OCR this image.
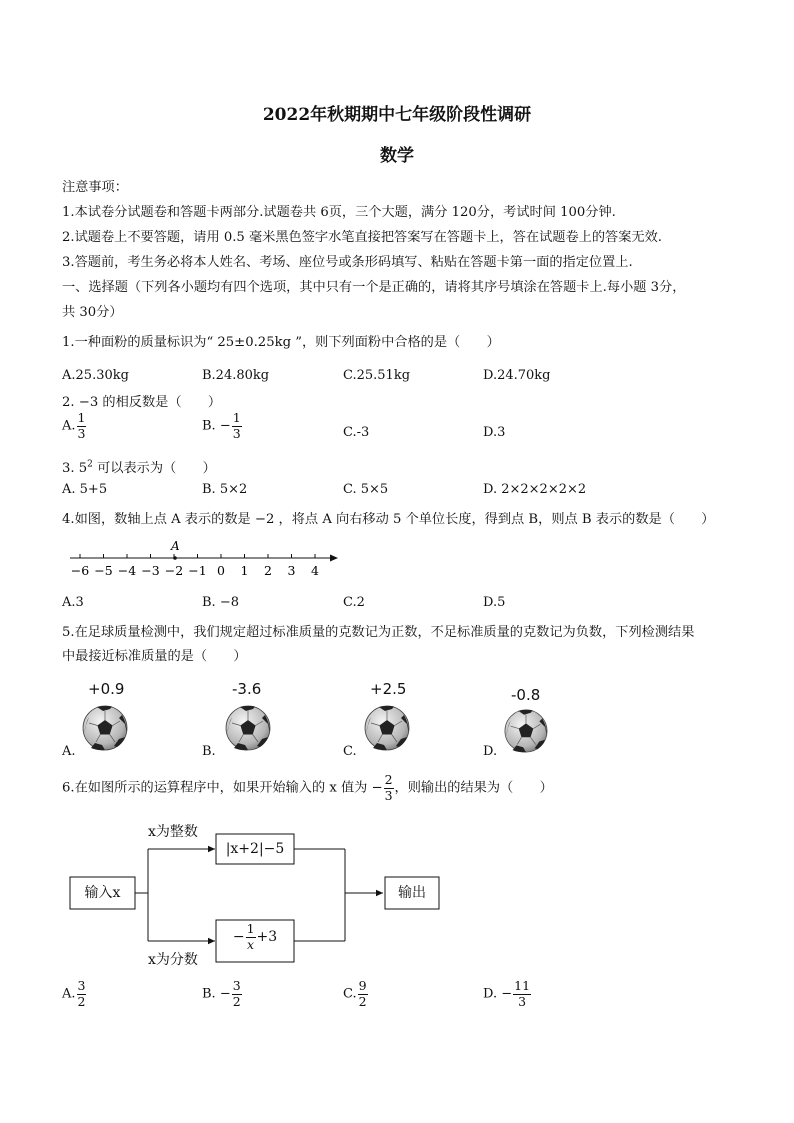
2022年秋期期中七年级阶段性调研
数学
注意事项：
1.本试卷分试题卷和答题卡两部分.试题卷共 6页，三个大题，满分 120分，考试时间 100分钟.
2.试题卷上不要答题，请用 0.5 毫米黑色签字水笔直接把答案写在答题卡上，答在试题卷上的答案无效.
3.答题前，考生务必将本人姓名、考场、座位号或条形码填写、粘贴在答题卡第一面的指定位置上.
一、选择题（下列各小题均有四个选项，其中只有一个是正确的，请将其序号填涂在答题卡上.每小题 3分，
共 30分）
1.一种面粉的质量标识为“ 25±0.25kg ”，则下列面粉中合格的是（　　）
A.25.30kg	B.24.80kg	C.25.51kg	D.24.70kg
2. −3 的相反数是（　　）
A. $\frac{1}{3}$	B. − $\frac{1}{3}$	C.-3	D.3
3. $5^2$ 可以表示为（　　）
A. 5+5	B. 5×2	C. 5×5	D. 2×2×2×2×2
4.如图，数轴上点 A 表示的数是 −2 ，将点 A 向右移动 5 个单位长度，得到点 B，则点 B 表示的数是（　　）
−6 −5 −4 −3 −2 −1 0 1 2 3 4
A
A.3	B. −8	C.2	D.5
5.在足球质量检测中，我们规定超过标准质量的克数记为正数，不足标准质量的克数记为负数，下列检测结果
中最接近标准质量的是（　　）
+0.9
A.
-3.6
B.
+2.5
C.
-0.8
D.
6.在如图所示的运算程序中，如果开始输入的 x 值为 − $\frac{2}{3}$ ，则输出的结果为（　　）
输入x
x为整数
|x+2|−5
x为分数
− $\frac{1}{x} +3$
输出
A. $\frac{3}{2}$	B. − $\frac{3}{2}$	C. $\frac{9}{2}$	D. − $\frac{11}{3}$
